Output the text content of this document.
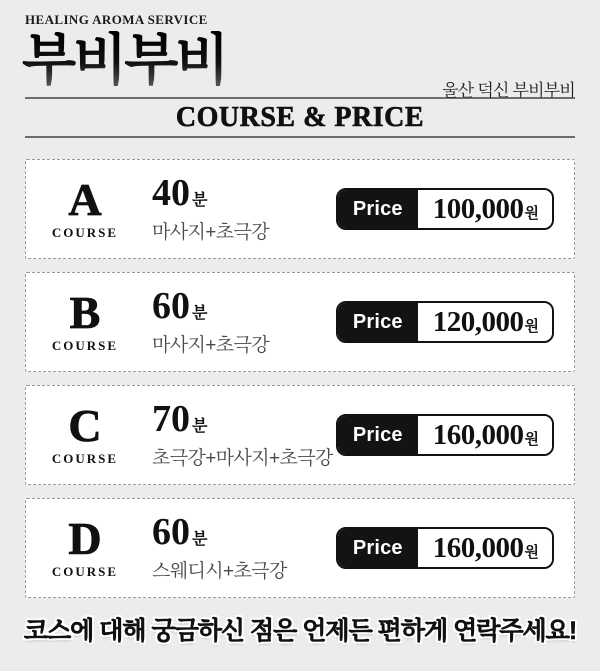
HEALING AROMA SERVICE
부비부비	울산 덕신 부비부비
COURSE & PRICE
A
COURSE
40 분
마사지+초극강
Price	100,000 원
B
COURSE
60 분
마사지+초극강
Price	120,000 원
C
COURSE
70 분
초극강+마사지+초극강
Price	160,000 원
D
COURSE
60 분
스웨디시+초극강
Price	160,000 원
코스에 대해 궁금하신 점은 언제든 편하게 연락주세요!
